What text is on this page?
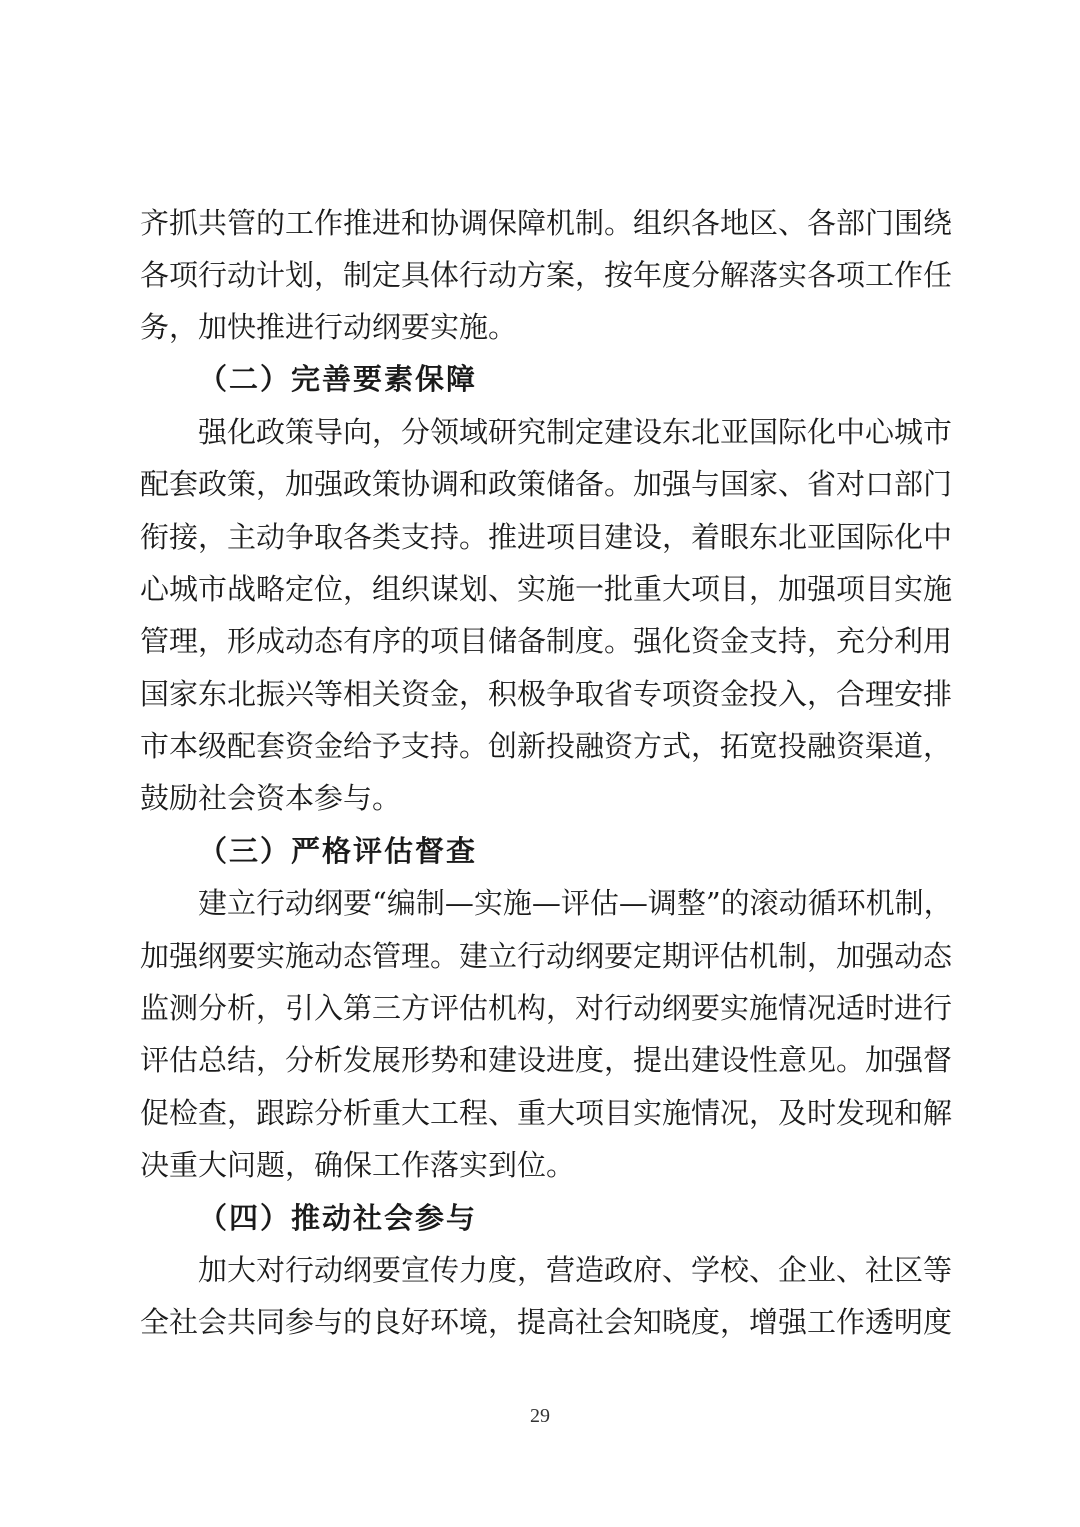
齐抓共管的工作推进和协调保障机制。组织各地区、各部门围绕
各项行动计划，制定具体行动方案，按年度分解落实各项工作任
务，加快推进行动纲要实施。
（二）完善要素保障
强化政策导向，分领域研究制定建设东北亚国际化中心城市
配套政策，加强政策协调和政策储备。加强与国家、省对口部门
衔接，主动争取各类支持。推进项目建设，着眼东北亚国际化中
心城市战略定位，组织谋划、实施一批重大项目，加强项目实施
管理，形成动态有序的项目储备制度。强化资金支持，充分利用
国家东北振兴等相关资金，积极争取省专项资金投入，合理安排
市本级配套资金给予支持。创新投融资方式，拓宽投融资渠道，
鼓励社会资本参与。
（三）严格评估督查
建立行动纲要“编制—实施—评估—调整”的滚动循环机制，
加强纲要实施动态管理。建立行动纲要定期评估机制，加强动态
监测分析，引入第三方评估机构，对行动纲要实施情况适时进行
评估总结，分析发展形势和建设进度，提出建设性意见。加强督
促检查，跟踪分析重大工程、重大项目实施情况，及时发现和解
决重大问题，确保工作落实到位。
（四）推动社会参与
加大对行动纲要宣传力度，营造政府、学校、企业、社区等
全社会共同参与的良好环境，提高社会知晓度，增强工作透明度
29
